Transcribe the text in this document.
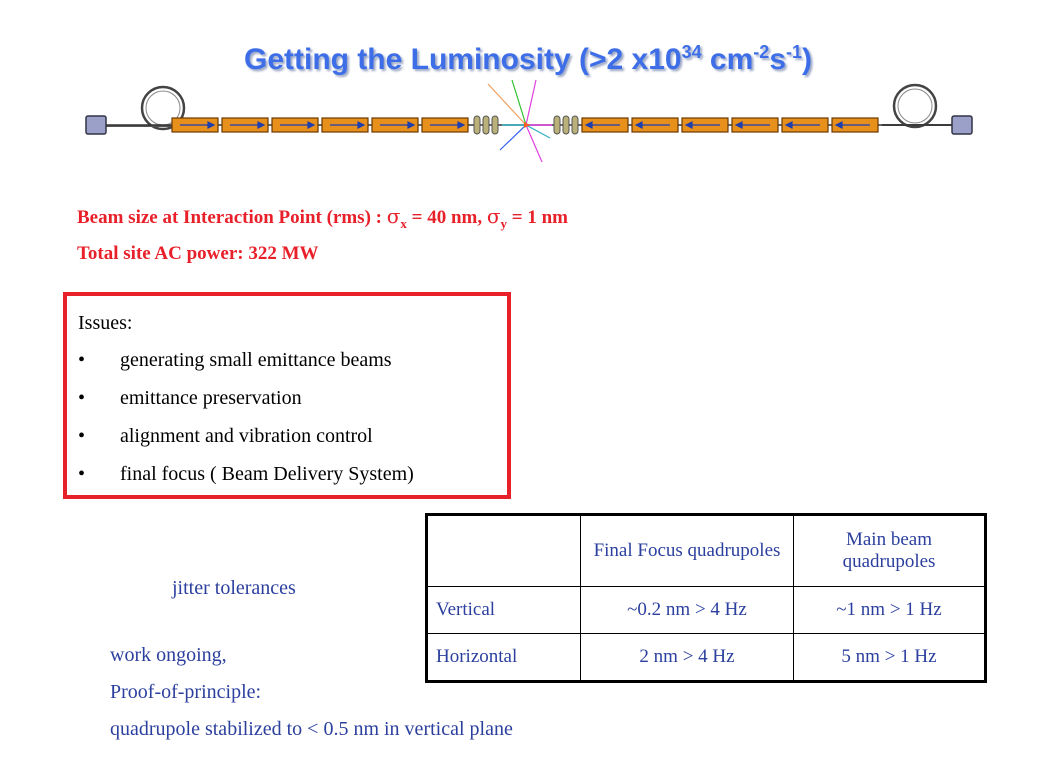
Getting the Luminosity (>2 $x10^{34}$ $cm^{-2}s^{-1}$)
Beam size at Interaction Point (rms) : $\sigma_x = 40$ nm, $\sigma_y = 1$ nm
Total site AC power: 322 MW
Issues:
• generating small emittance beams
• emittance preservation
• alignment and vibration control
• final focus ( Beam Delivery System)
jitter tolerances
work ongoing,
Proof-of-principle:
quadrupole stabilized to < 0.5 nm in vertical plane
	Final Focus quadrupoles	Main beam quadrupoles
Vertical	~0.2 nm > 4 Hz	~1 nm > 1 Hz
Horizontal	2 nm > 4 Hz	5 nm > 1 Hz
